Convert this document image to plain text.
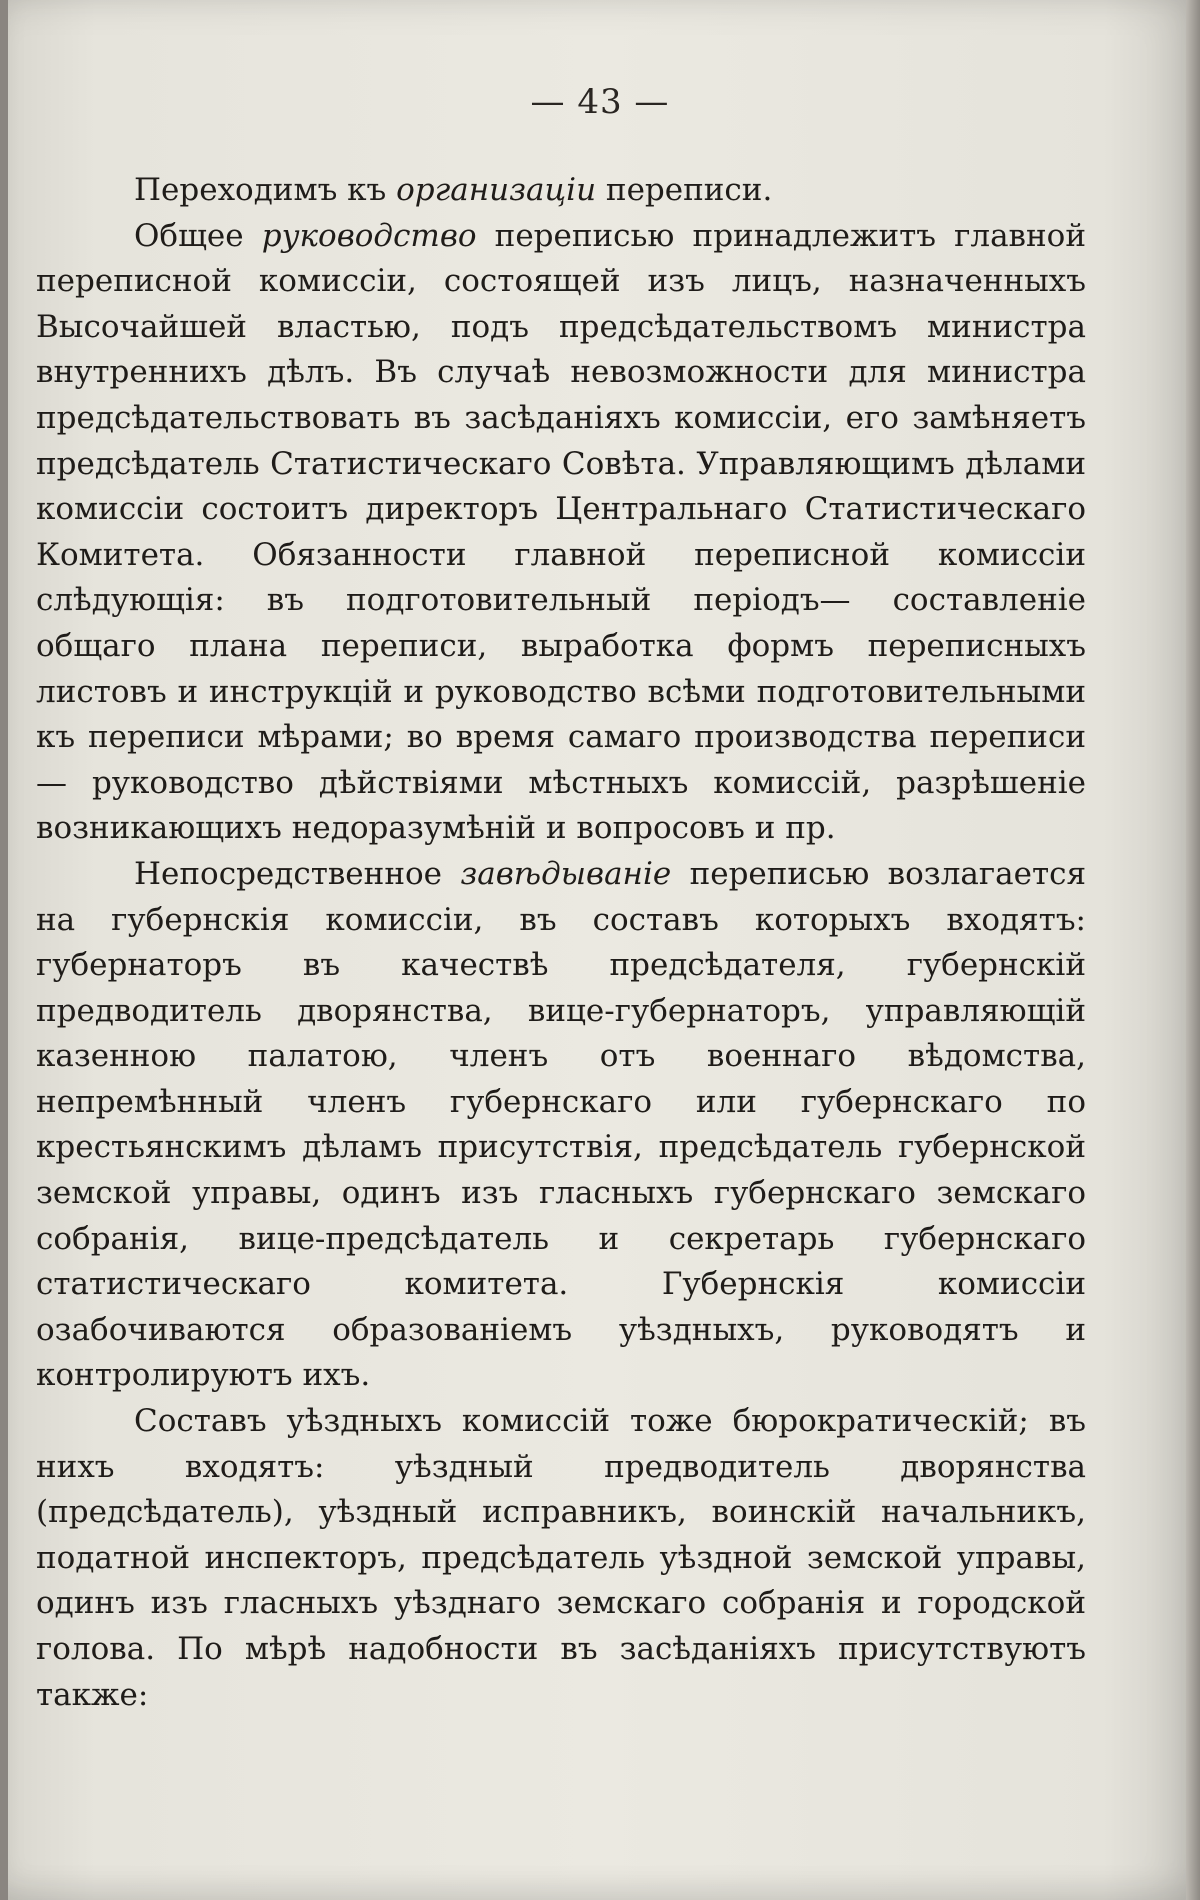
— 43 —

Переходимъ къ организаціи переписи.

Общее руководство переписью принадлежитъ главной переписной комиссіи, состоящей изъ лицъ, назначенныхъ Высочайшей властью, подъ предсѣдательствомъ министра внутреннихъ дѣлъ. Въ случаѣ невозможности для министра предсѣдательствовать въ засѣданіяхъ комиссіи, его замѣняетъ предсѣдатель Статистическаго Совѣта. Управляющимъ дѣлами комиссіи состоитъ директоръ Центральнаго Статистическаго Комитета. Обязанности главной переписной комиссіи слѣдующія: въ подготовительный періодъ— составленіе общаго плана переписи, выработка формъ переписныхъ листовъ и инструкцій и руководство всѣми подготовительными къ переписи мѣрами; во время самаго производства переписи — руководство дѣйствіями мѣстныхъ комиссій, разрѣшеніе возникающихъ недоразумѣній и вопросовъ и пр.

Непосредственное завѣдываніе переписью возлагается на губернскія комиссіи, въ составъ которыхъ входятъ: губернаторъ въ качествѣ предсѣдателя, губернскій предводитель дворянства, вице-губернаторъ, управляющій казенною палатою, членъ отъ военнаго вѣдомства, непремѣнный членъ губернскаго или губернскаго по крестьянскимъ дѣламъ присутствія, предсѣдатель губернской земской управы, одинъ изъ гласныхъ губернскаго земскаго собранія, вице-предсѣдатель и секретарь губернскаго статистическаго комитета. Губернскія комиссіи озабочиваются образованіемъ уѣздныхъ, руководятъ и контролируютъ ихъ.

Составъ уѣздныхъ комиссій тоже бюрократическій; въ нихъ входятъ: уѣздный предводитель дворянства (предсѣдатель), уѣздный исправникъ, воинскій начальникъ, податной инспекторъ, предсѣдатель уѣздной земской управы, одинъ изъ гласныхъ уѣзднаго земскаго собранія и городской голова. По мѣрѣ надобности въ засѣданіяхъ присутствуютъ также:
